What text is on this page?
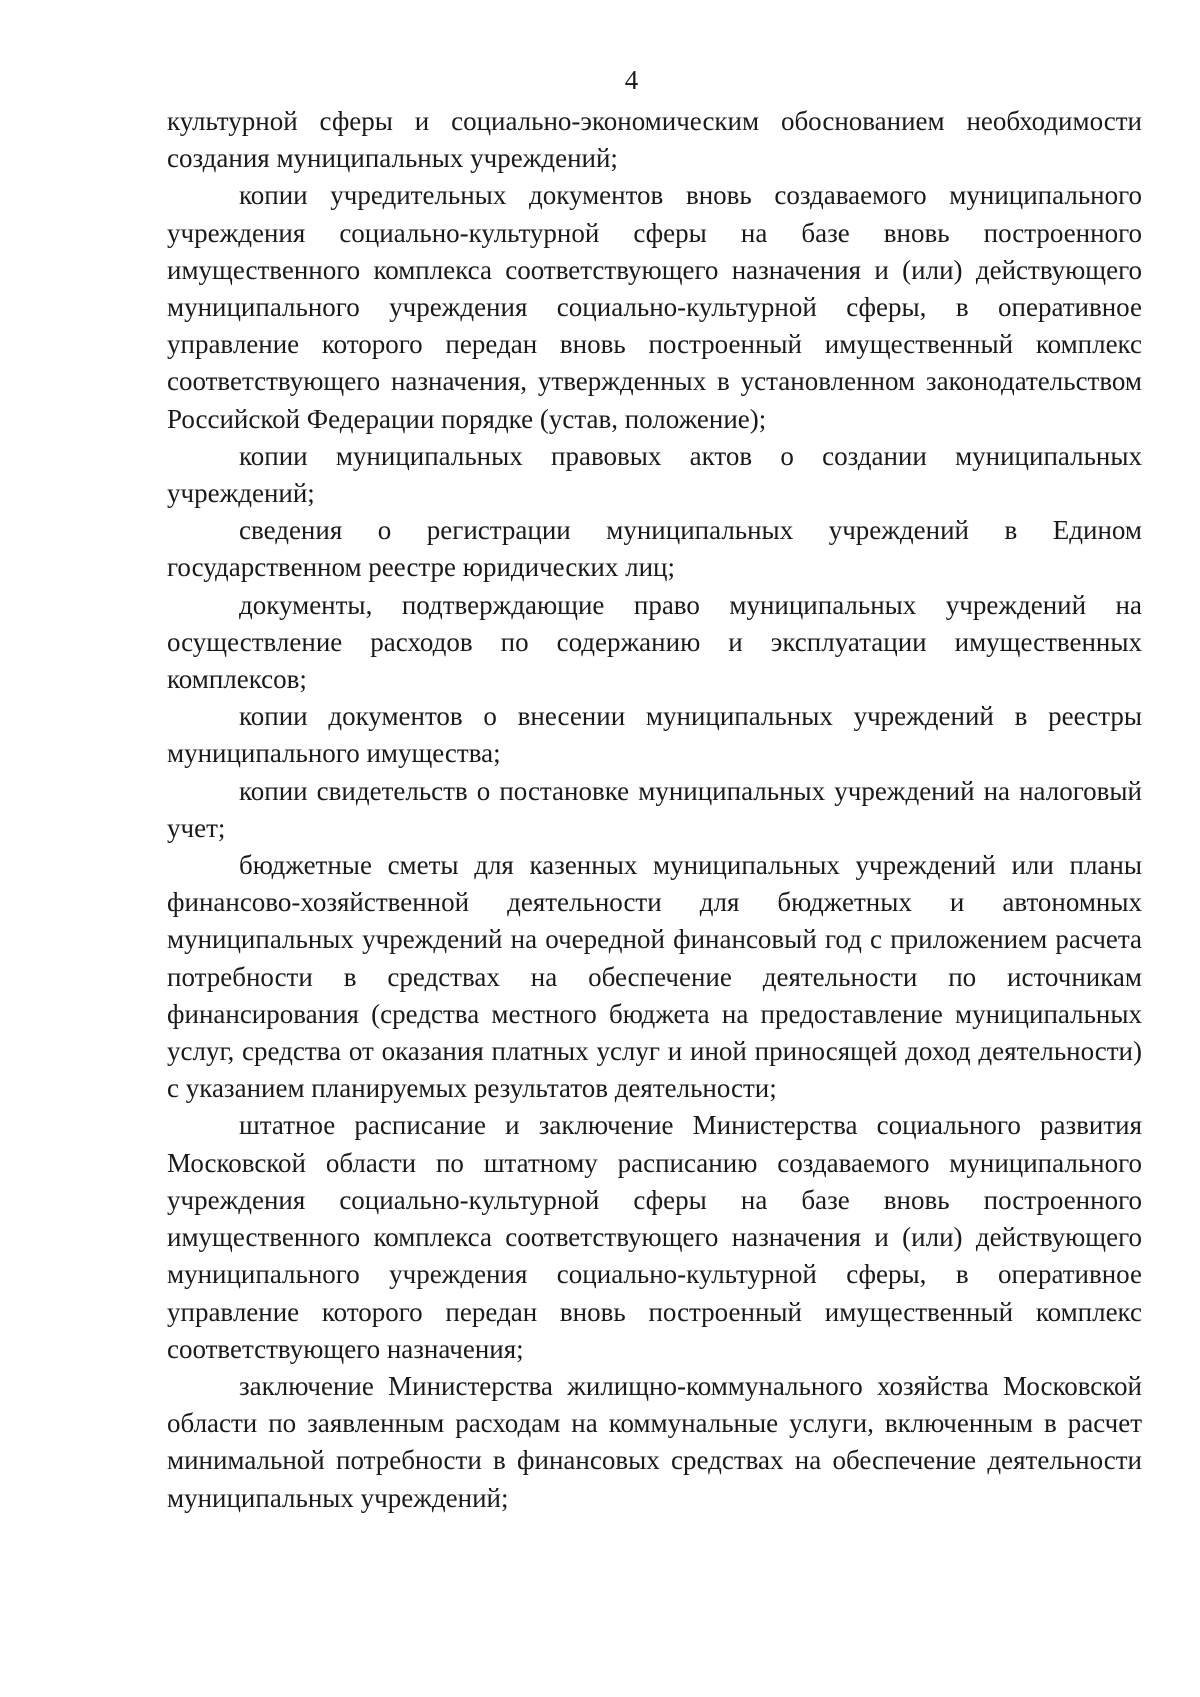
4

культурной сферы и социально-экономическим обоснованием необходимости создания муниципальных учреждений;

копии учредительных документов вновь создаваемого муниципального учреждения социально-культурной сферы на базе вновь построенного имущественного комплекса соответствующего назначения и (или) действующего муниципального учреждения социально-культурной сферы, в оперативное управление которого передан вновь построенный имущественный комплекс соответствующего назначения, утвержденных в установленном законодательством Российской Федерации порядке (устав, положение);

копии муниципальных правовых актов о создании муниципальных учреждений;

сведения о регистрации муниципальных учреждений в Едином государственном реестре юридических лиц;

документы, подтверждающие право муниципальных учреждений на осуществление расходов по содержанию и эксплуатации имущественных комплексов;

копии документов о внесении муниципальных учреждений в реестры муниципального имущества;

копии свидетельств о постановке муниципальных учреждений на налоговый учет;

бюджетные сметы для казенных муниципальных учреждений или планы финансово-хозяйственной деятельности для бюджетных и автономных муниципальных учреждений на очередной финансовый год с приложением расчета потребности в средствах на обеспечение деятельности по источникам финансирования (средства местного бюджета на предоставление муниципальных услуг, средства от оказания платных услуг и иной приносящей доход деятельности) с указанием планируемых результатов деятельности;

штатное расписание и заключение Министерства социального развития Московской области по штатному расписанию создаваемого муниципального учреждения социально-культурной сферы на базе вновь построенного имущественного комплекса соответствующего назначения и (или) действующего муниципального учреждения социально-культурной сферы, в оперативное управление которого передан вновь построенный имущественный комплекс соответствующего назначения;

заключение Министерства жилищно-коммунального хозяйства Московской области по заявленным расходам на коммунальные услуги, включенным в расчет минимальной потребности в финансовых средствах на обеспечение деятельности муниципальных учреждений;
